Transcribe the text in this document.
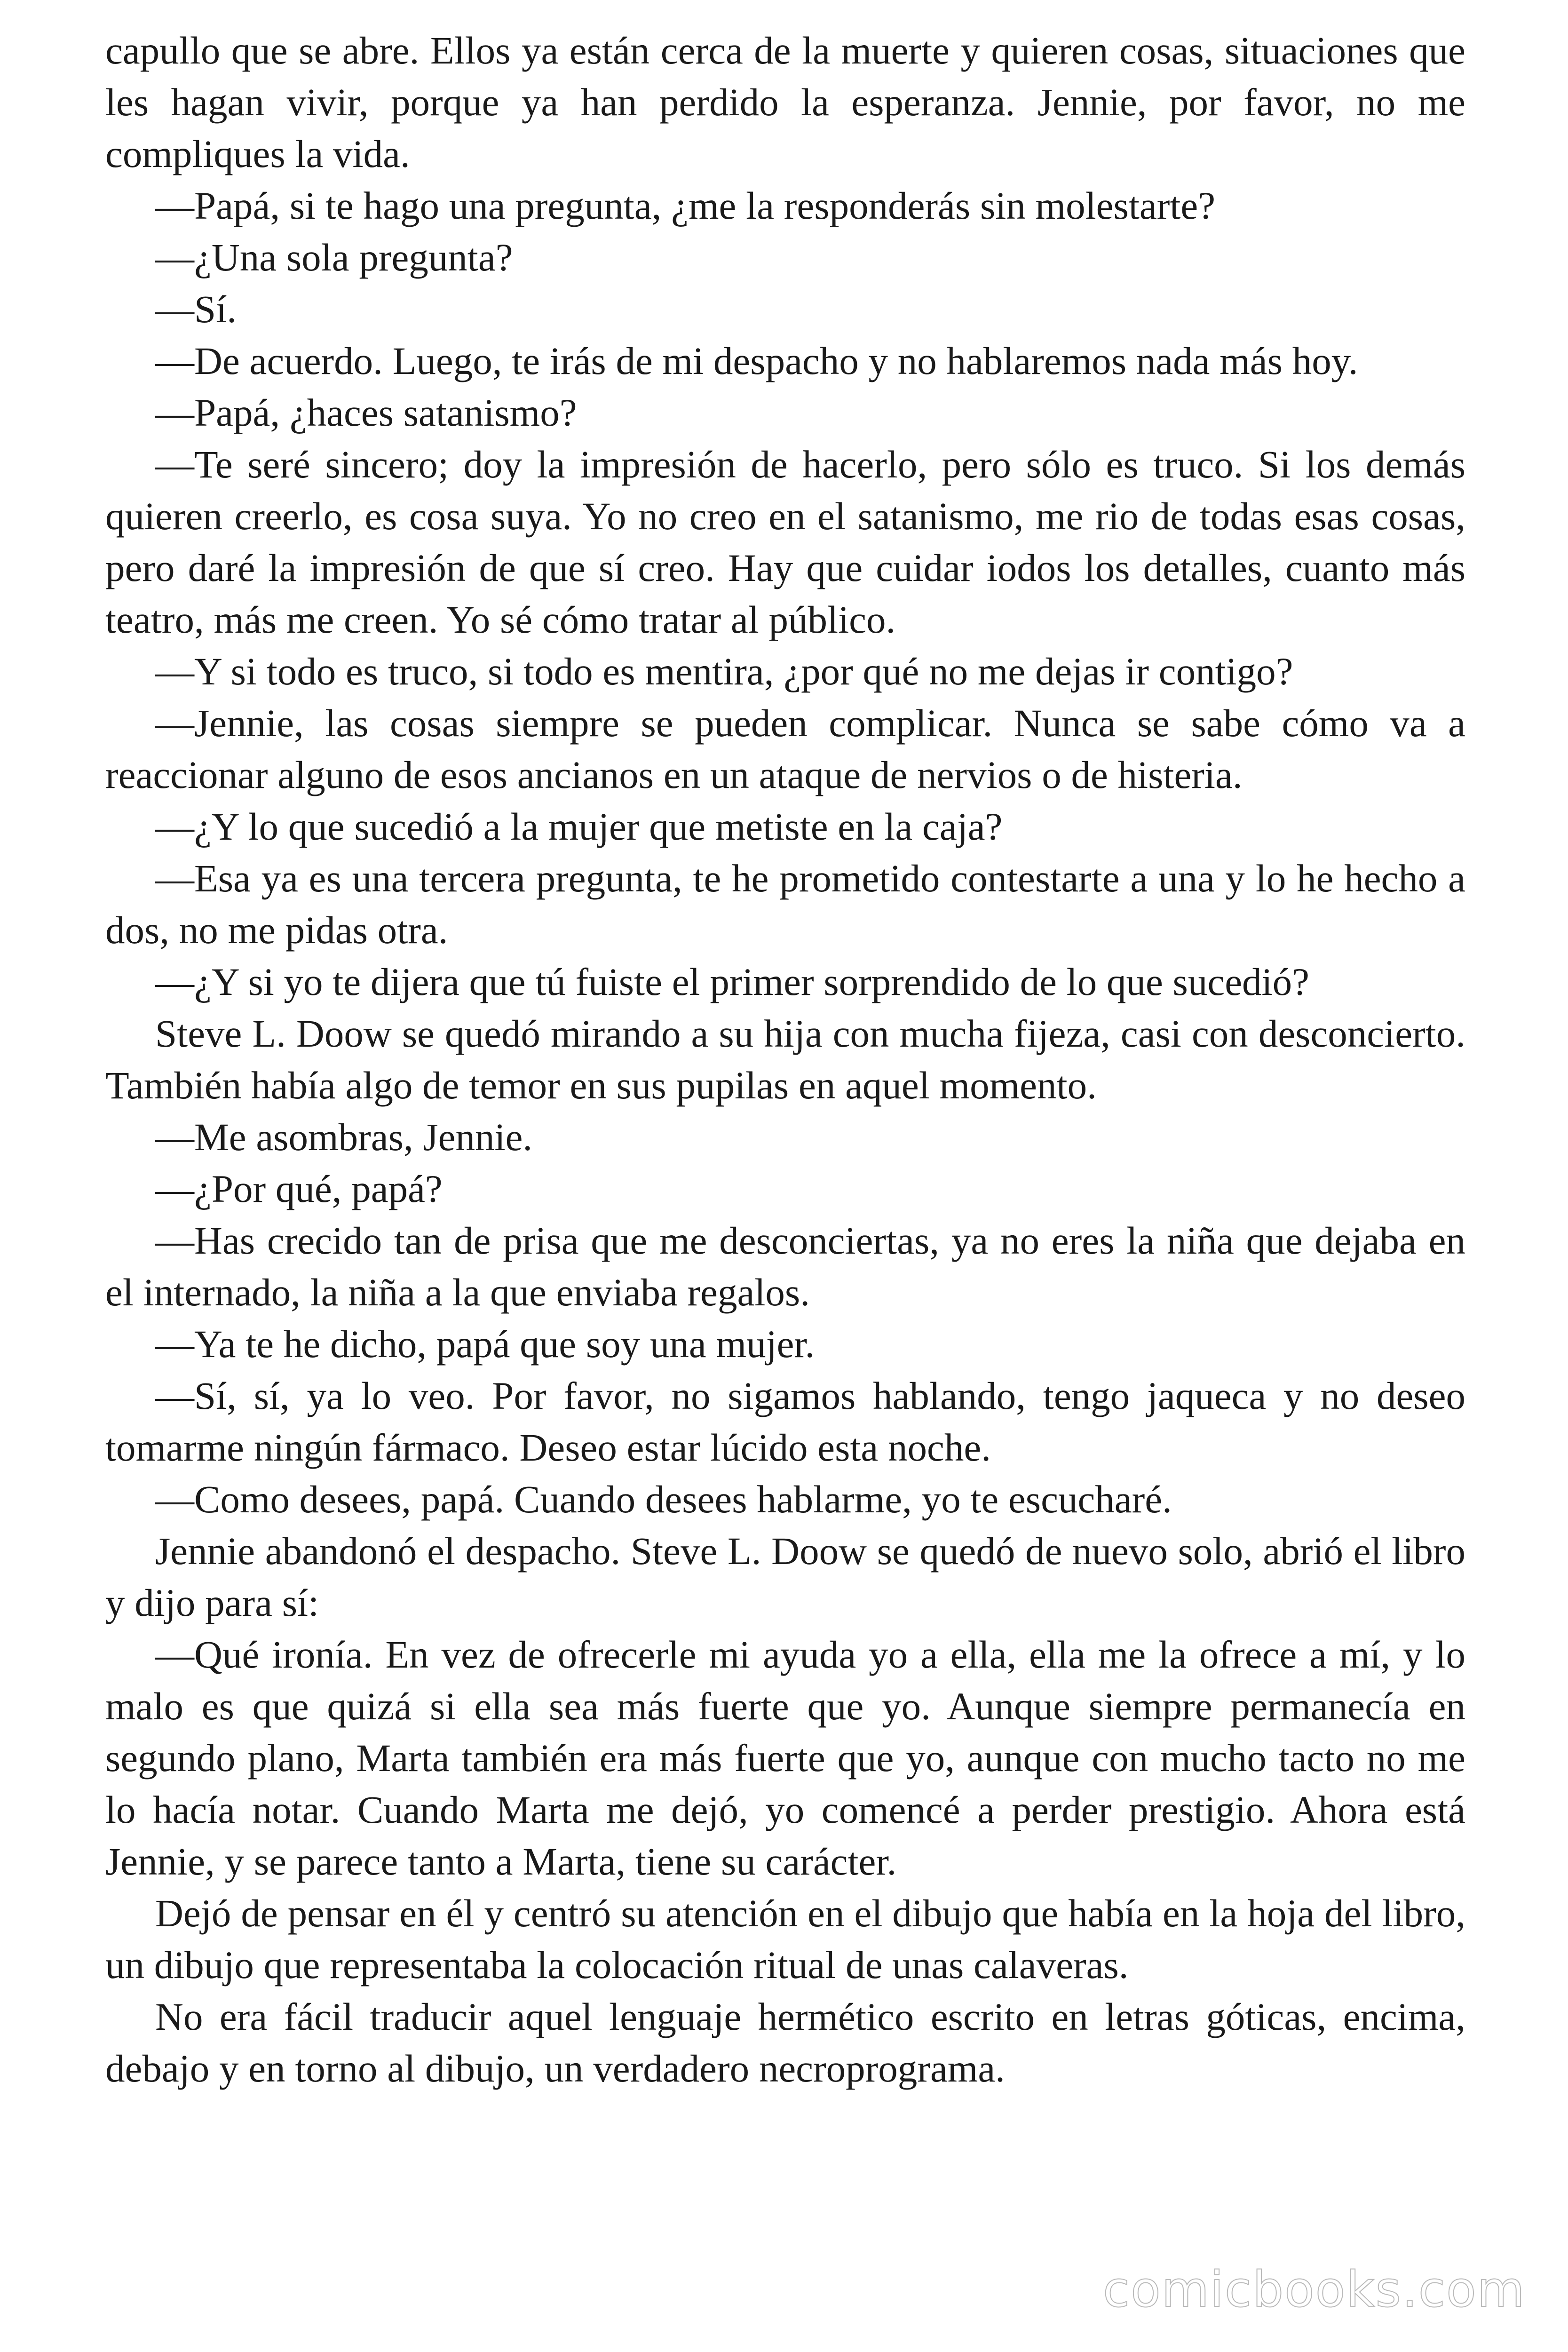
capullo que se abre. Ellos ya están cerca de la muerte y quieren cosas, situaciones que les hagan vivir, porque ya han perdido la esperanza. Jennie, por favor, no me compliques la vida.

—Papá, si te hago una pregunta, ¿me la responderás sin molestarte?

—¿Una sola pregunta?

—Sí.

—De acuerdo. Luego, te irás de mi despacho y no hablaremos nada más hoy.

—Papá, ¿haces satanismo?

—Te seré sincero; doy la impresión de hacerlo, pero sólo es truco. Si los demás quieren creerlo, es cosa suya. Yo no creo en el satanismo, me rio de todas esas cosas, pero daré la impresión de que sí creo. Hay que cuidar iodos los detalles, cuanto más teatro, más me creen. Yo sé cómo tratar al público.

—Y si todo es truco, si todo es mentira, ¿por qué no me dejas ir contigo?

—Jennie, las cosas siempre se pueden complicar. Nunca se sabe cómo va a reaccionar alguno de esos ancianos en un ataque de nervios o de histeria.

—¿Y lo que sucedió a la mujer que metiste en la caja?

—Esa ya es una tercera pregunta, te he prometido contestarte a una y lo he hecho a dos, no me pidas otra.

—¿Y si yo te dijera que tú fuiste el primer sorprendido de lo que sucedió?

Steve L. Doow se quedó mirando a su hija con mucha fijeza, casi con desconcierto. También había algo de temor en sus pupilas en aquel momento.

—Me asombras, Jennie.

—¿Por qué, papá?

—Has crecido tan de prisa que me desconciertas, ya no eres la niña que dejaba en el internado, la niña a la que enviaba regalos.

—Ya te he dicho, papá que soy una mujer.

—Sí, sí, ya lo veo. Por favor, no sigamos hablando, tengo jaqueca y no deseo tomarme ningún fármaco. Deseo estar lúcido esta noche.

—Como desees, papá. Cuando desees hablarme, yo te escucharé.

Jennie abandonó el despacho. Steve L. Doow se quedó de nuevo solo, abrió el libro y dijo para sí:

—Qué ironía. En vez de ofrecerle mi ayuda yo a ella, ella me la ofrece a mí, y lo malo es que quizá si ella sea más fuerte que yo. Aunque siempre permanecía en segundo plano, Marta también era más fuerte que yo, aunque con mucho tacto no me lo hacía notar. Cuando Marta me dejó, yo comencé a perder prestigio. Ahora está Jennie, y se parece tanto a Marta, tiene su carácter.

Dejó de pensar en él y centró su atención en el dibujo que había en la hoja del libro, un dibujo que representaba la colocación ritual de unas calaveras.

No era fácil traducir aquel lenguaje hermético escrito en letras góticas, encima, debajo y en torno al dibujo, un verdadero necroprograma.

comicbooks.com
